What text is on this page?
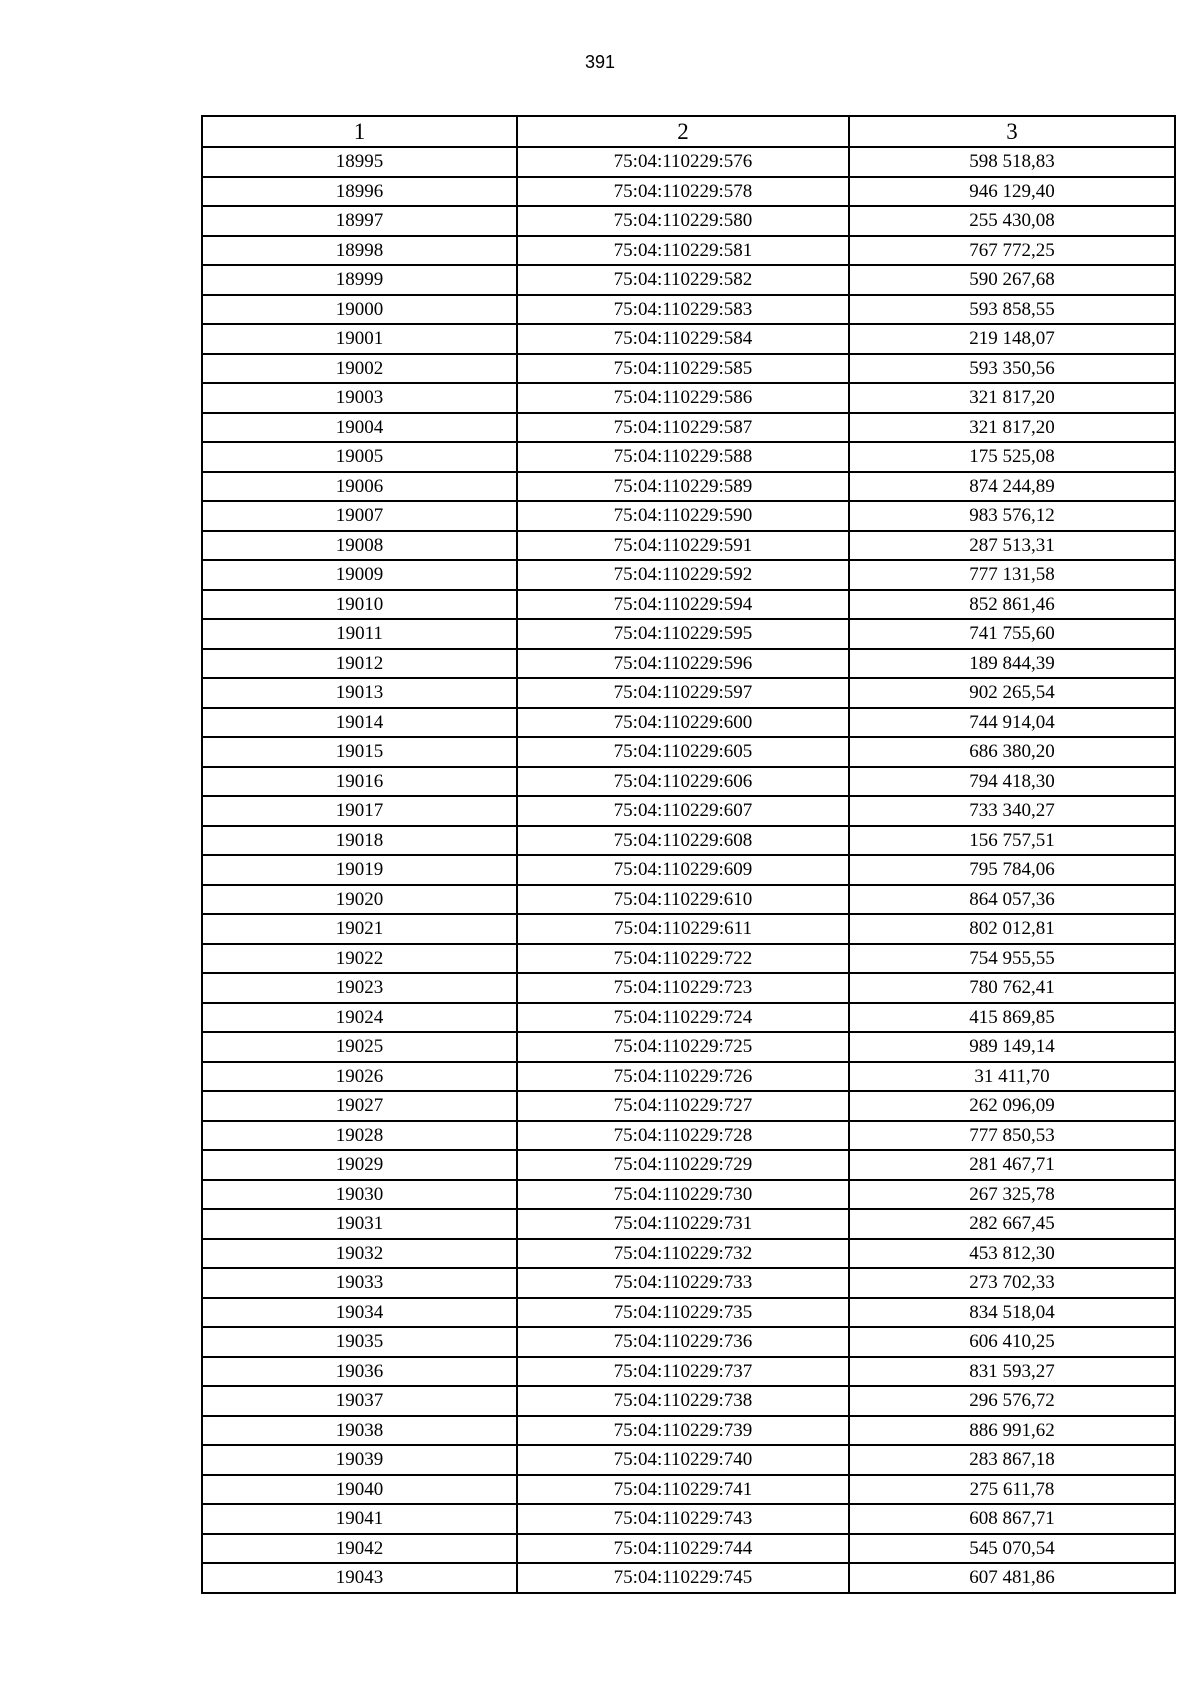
391
1	2	3
18995	75:04:110229:576	598 518,83
18996	75:04:110229:578	946 129,40
18997	75:04:110229:580	255 430,08
18998	75:04:110229:581	767 772,25
18999	75:04:110229:582	590 267,68
19000	75:04:110229:583	593 858,55
19001	75:04:110229:584	219 148,07
19002	75:04:110229:585	593 350,56
19003	75:04:110229:586	321 817,20
19004	75:04:110229:587	321 817,20
19005	75:04:110229:588	175 525,08
19006	75:04:110229:589	874 244,89
19007	75:04:110229:590	983 576,12
19008	75:04:110229:591	287 513,31
19009	75:04:110229:592	777 131,58
19010	75:04:110229:594	852 861,46
19011	75:04:110229:595	741 755,60
19012	75:04:110229:596	189 844,39
19013	75:04:110229:597	902 265,54
19014	75:04:110229:600	744 914,04
19015	75:04:110229:605	686 380,20
19016	75:04:110229:606	794 418,30
19017	75:04:110229:607	733 340,27
19018	75:04:110229:608	156 757,51
19019	75:04:110229:609	795 784,06
19020	75:04:110229:610	864 057,36
19021	75:04:110229:611	802 012,81
19022	75:04:110229:722	754 955,55
19023	75:04:110229:723	780 762,41
19024	75:04:110229:724	415 869,85
19025	75:04:110229:725	989 149,14
19026	75:04:110229:726	31 411,70
19027	75:04:110229:727	262 096,09
19028	75:04:110229:728	777 850,53
19029	75:04:110229:729	281 467,71
19030	75:04:110229:730	267 325,78
19031	75:04:110229:731	282 667,45
19032	75:04:110229:732	453 812,30
19033	75:04:110229:733	273 702,33
19034	75:04:110229:735	834 518,04
19035	75:04:110229:736	606 410,25
19036	75:04:110229:737	831 593,27
19037	75:04:110229:738	296 576,72
19038	75:04:110229:739	886 991,62
19039	75:04:110229:740	283 867,18
19040	75:04:110229:741	275 611,78
19041	75:04:110229:743	608 867,71
19042	75:04:110229:744	545 070,54
19043	75:04:110229:745	607 481,86
